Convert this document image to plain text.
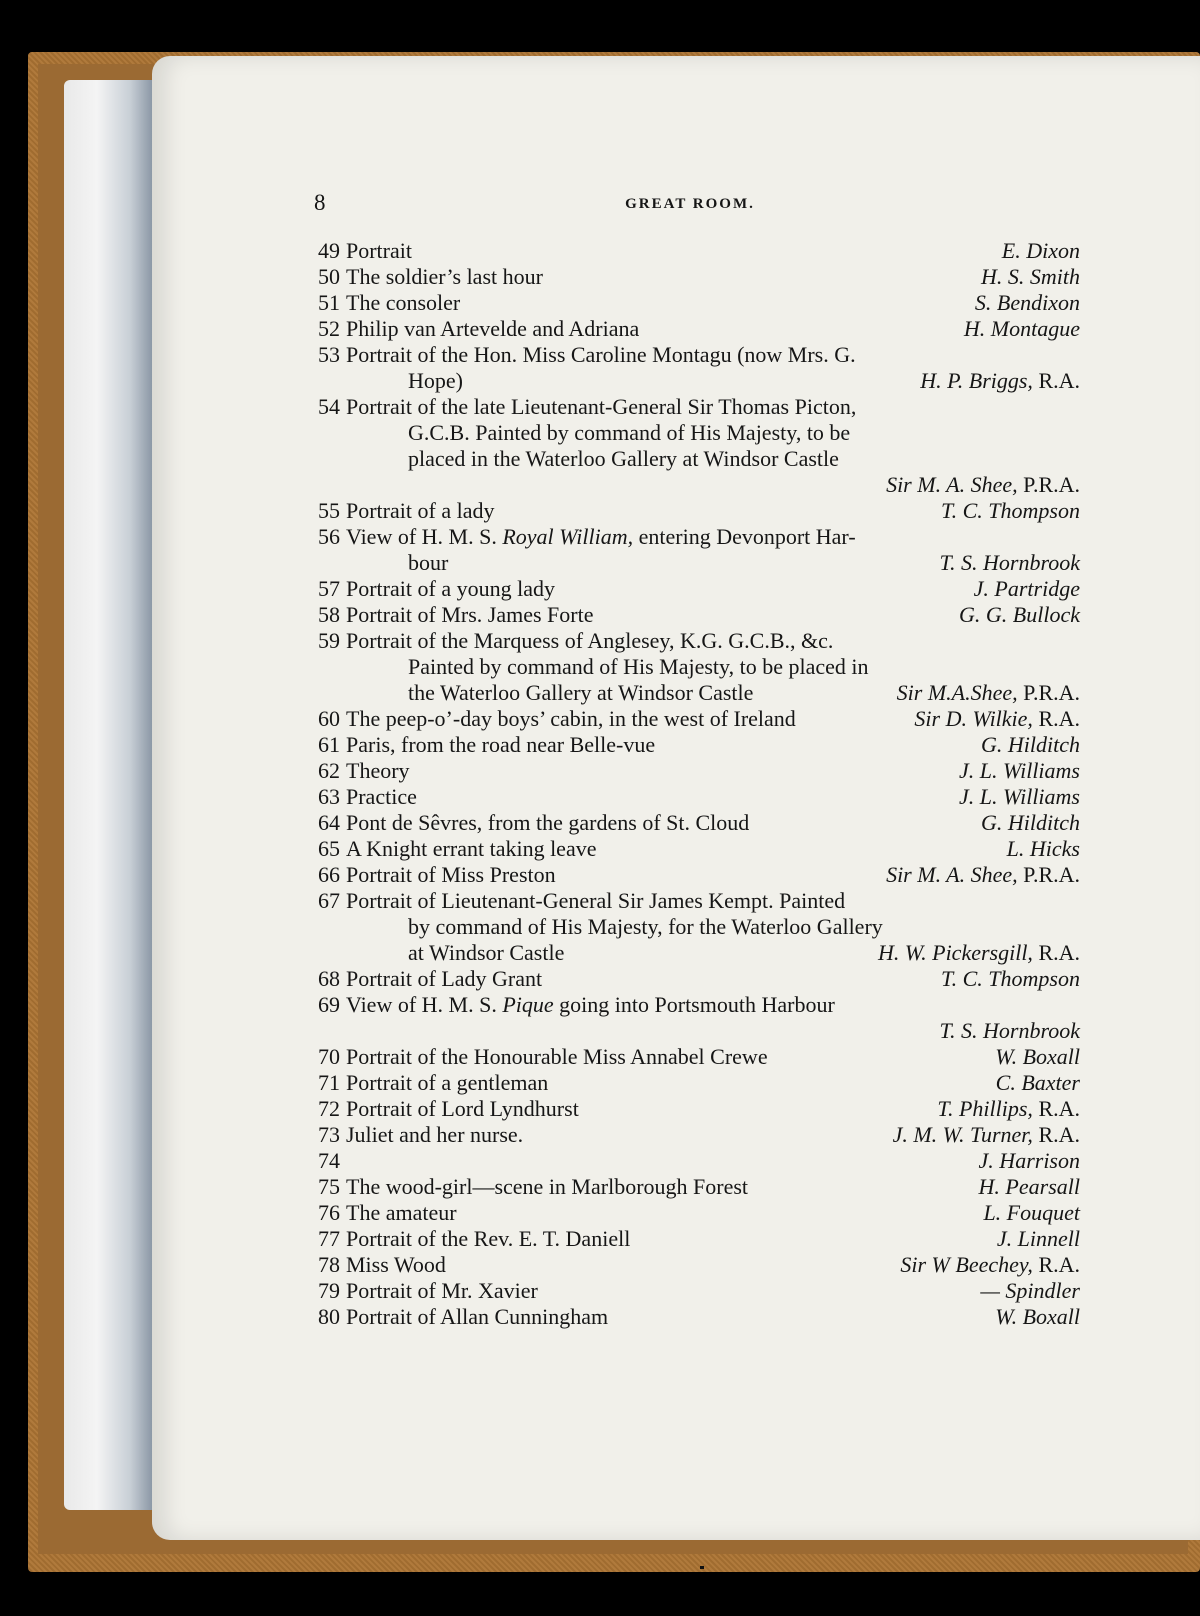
8	GREAT ROOM.
49 Portrait	E. Dixon
50 The soldier’s last hour	H. S. Smith
51 The consoler	S. Bendixon
52 Philip van Artevelde and Adriana	H. Montague
53 Portrait of the Hon. Miss Caroline Montagu (now Mrs. G.
Hope)	H. P. Briggs, R.A.
54 Portrait of the late Lieutenant-General Sir Thomas Picton,
G.C.B. Painted by command of His Majesty, to be
placed in the Waterloo Gallery at Windsor Castle
Sir M. A. Shee, P.R.A.
55 Portrait of a lady	T. C. Thompson
56 View of H. M. S. Royal William, entering Devonport Har-
bour	T. S. Hornbrook
57 Portrait of a young lady	J. Partridge
58 Portrait of Mrs. James Forte	G. G. Bullock
59 Portrait of the Marquess of Anglesey, K.G. G.C.B., &c.
Painted by command of His Majesty, to be placed in
the Waterloo Gallery at Windsor Castle	Sir M.A.Shee, P.R.A.
60 The peep-o’-day boys’ cabin, in the west of Ireland	Sir D. Wilkie, R.A.
61 Paris, from the road near Belle-vue	G. Hilditch
62 Theory	J. L. Williams
63 Practice	J. L. Williams
64 Pont de Sêvres, from the gardens of St. Cloud	G. Hilditch
65 A Knight errant taking leave	L. Hicks
66 Portrait of Miss Preston	Sir M. A. Shee, P.R.A.
67 Portrait of Lieutenant-General Sir James Kempt. Painted
by command of His Majesty, for the Waterloo Gallery
at Windsor Castle	H. W. Pickersgill, R.A.
68 Portrait of Lady Grant	T. C. Thompson
69 View of H. M. S. Pique going into Portsmouth Harbour
T. S. Hornbrook
70 Portrait of the Honourable Miss Annabel Crewe	W. Boxall
71 Portrait of a gentleman	C. Baxter
72 Portrait of Lord Lyndhurst	T. Phillips, R.A.
73 Juliet and her nurse.	J. M. W. Turner, R.A.
74	J. Harrison
75 The wood-girl—scene in Marlborough Forest	H. Pearsall
76 The amateur	L. Fouquet
77 Portrait of the Rev. E. T. Daniell	J. Linnell
78 Miss Wood	Sir W Beechey, R.A.
79 Portrait of Mr. Xavier	— Spindler
80 Portrait of Allan Cunningham	W. Boxall
